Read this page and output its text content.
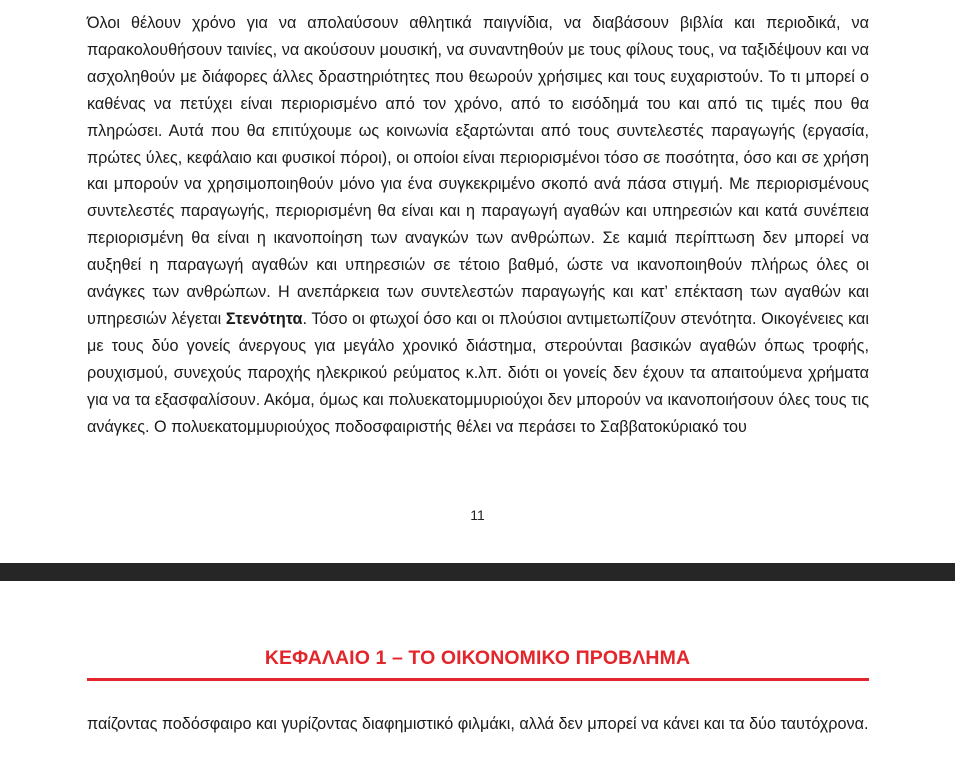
Όλοι θέλουν χρόνο για να απολαύσουν αθλητικά παιγνίδια, να διαβάσουν βιβλία και περιοδικά, να παρακολουθήσουν ταινίες, να ακούσουν μουσική, να συναντηθούν με τους φίλους τους, να ταξιδέψουν και να ασχοληθούν με διάφορες άλλες δραστηριότητες που θεωρούν χρήσιμες και τους ευχαριστούν. Το τι μπορεί ο καθένας να πετύχει είναι περιορισμένο από τον χρόνο, από το εισόδημά του και από τις τιμές που θα πληρώσει. Αυτά που θα επιτύχουμε ως κοινωνία εξαρτώνται από τους συντελεστές παραγωγής (εργασία, πρώτες ύλες, κεφάλαιο και φυσικοί πόροι), οι οποίοι είναι περιορισμένοι τόσο σε ποσότητα, όσο και σε χρήση και μπορούν να χρησιμοποιηθούν μόνο για ένα συγκεκριμένο σκοπό ανά πάσα στιγμή. Με περιορισμένους συντελεστές παραγωγής, περιορισμένη θα είναι και η παραγωγή αγαθών και υπηρεσιών και κατά συνέπεια περιορισμένη θα είναι η ικανοποίηση των αναγκών των ανθρώπων. Σε καμιά περίπτωση δεν μπορεί να αυξηθεί η παραγωγή αγαθών και υπηρεσιών σε τέτοιο βαθμό, ώστε να ικανοποιηθούν πλήρως όλες οι ανάγκες των ανθρώπων. Η ανεπάρκεια των συντελεστών παραγωγής και κατ’ επέκταση των αγαθών και υπηρεσιών λέγεται Στενότητα. Τόσο οι φτωχοί όσο και οι πλούσιοι αντιμετωπίζουν στενότητα. Οικογένειες και με τους δύο γονείς άνεργους για μεγάλο χρονικό διάστημα, στερούνται βασικών αγαθών όπως τροφής, ρουχισμού, συνεχούς παροχής ηλεκρικού ρεύματος κ.λπ. διότι οι γονείς δεν έχουν τα απαιτούμενα χρήματα για να τα εξασφαλίσουν. Ακόμα, όμως και πολυεκατομμυριούχοι δεν μπορούν να ικανοποιήσουν όλες τους τις ανάγκες. Ο πολυεκατομμυριούχος ποδοσφαιριστής θέλει να περάσει το Σαββατοκύριακό του

11
ΚΕΦΑΛΑΙΟ 1 – ΤΟ ΟΙΚΟΝΟΜΙΚΟ ΠΡΟΒΛΗΜΑ

παίζοντας ποδόσφαιρο και γυρίζοντας διαφημιστικό φιλμάκι, αλλά δεν μπορεί να κάνει και τα δύο ταυτόχρονα.
